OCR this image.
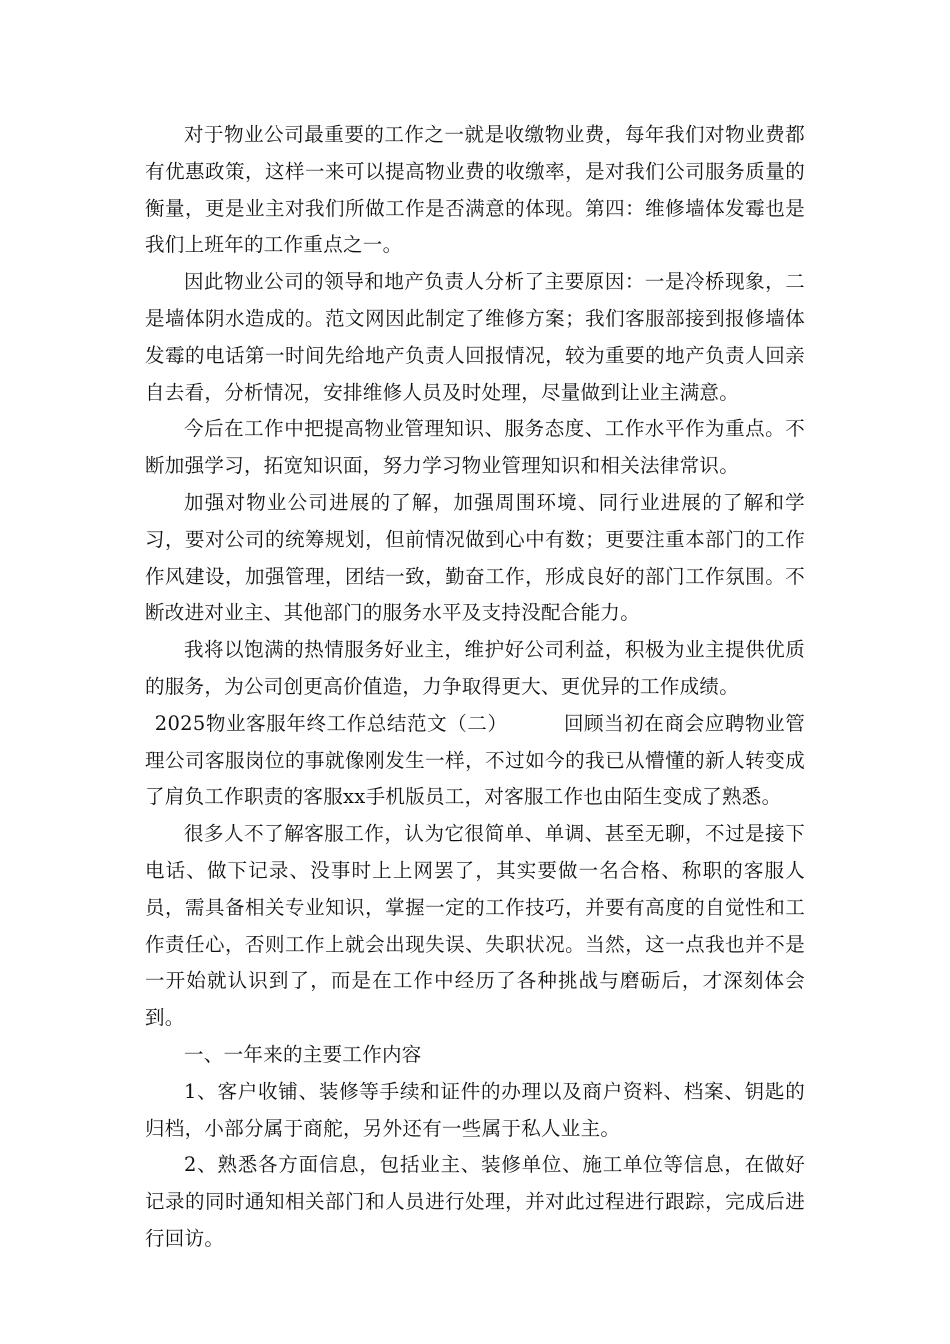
对于物业公司最重要的工作之一就是收缴物业费，每年我们对物业费都有优惠政策，这样一来可以提高物业费的收缴率，是对我们公司服务质量的衡量，更是业主对我们所做工作是否满意的体现。第四：维修墙体发霉也是我们上班年的工作重点之一。

因此物业公司的领导和地产负责人分析了主要原因：一是冷桥现象，二是墙体阴水造成的。范文网因此制定了维修方案；我们客服部接到报修墙体发霉的电话第一时间先给地产负责人回报情况，较为重要的地产负责人回亲自去看，分析情况，安排维修人员及时处理，尽量做到让业主满意。

今后在工作中把提高物业管理知识、服务态度、工作水平作为重点。不断加强学习，拓宽知识面，努力学习物业管理知识和相关法律常识。

加强对物业公司进展的了解，加强周围环境、同行业进展的了解和学习，要对公司的统筹规划，但前情况做到心中有数；更要注重本部门的工作作风建设，加强管理，团结一致，勤奋工作，形成良好的部门工作氛围。不断改进对业主、其他部门的服务水平及支持没配合能力。

我将以饱满的热情服务好业主，维护好公司利益，积极为业主提供优质的服务，为公司创更高价值造，力争取得更大、更优异的工作成绩。

2025物业客服年终工作总结范文（二）	回顾当初在商会应聘物业管理公司客服岗位的事就像刚发生一样，不过如今的我已从懵懂的新人转变成了肩负工作职责的客服xx手机版员工，对客服工作也由陌生变成了熟悉。

很多人不了解客服工作，认为它很简单、单调、甚至无聊，不过是接下电话、做下记录、没事时上上网罢了，其实要做一名合格、称职的客服人员，需具备相关专业知识，掌握一定的工作技巧，并要有高度的自觉性和工作责任心，否则工作上就会出现失误、失职状况。当然，这一点我也并不是一开始就认识到了，而是在工作中经历了各种挑战与磨砺后，才深刻体会到。

一、一年来的主要工作内容

1、客户收铺、装修等手续和证件的办理以及商户资料、档案、钥匙的归档，小部分属于商舵，另外还有一些属于私人业主。

2、熟悉各方面信息，包括业主、装修单位、施工单位等信息，在做好记录的同时通知相关部门和人员进行处理，并对此过程进行跟踪，完成后进行回访。
